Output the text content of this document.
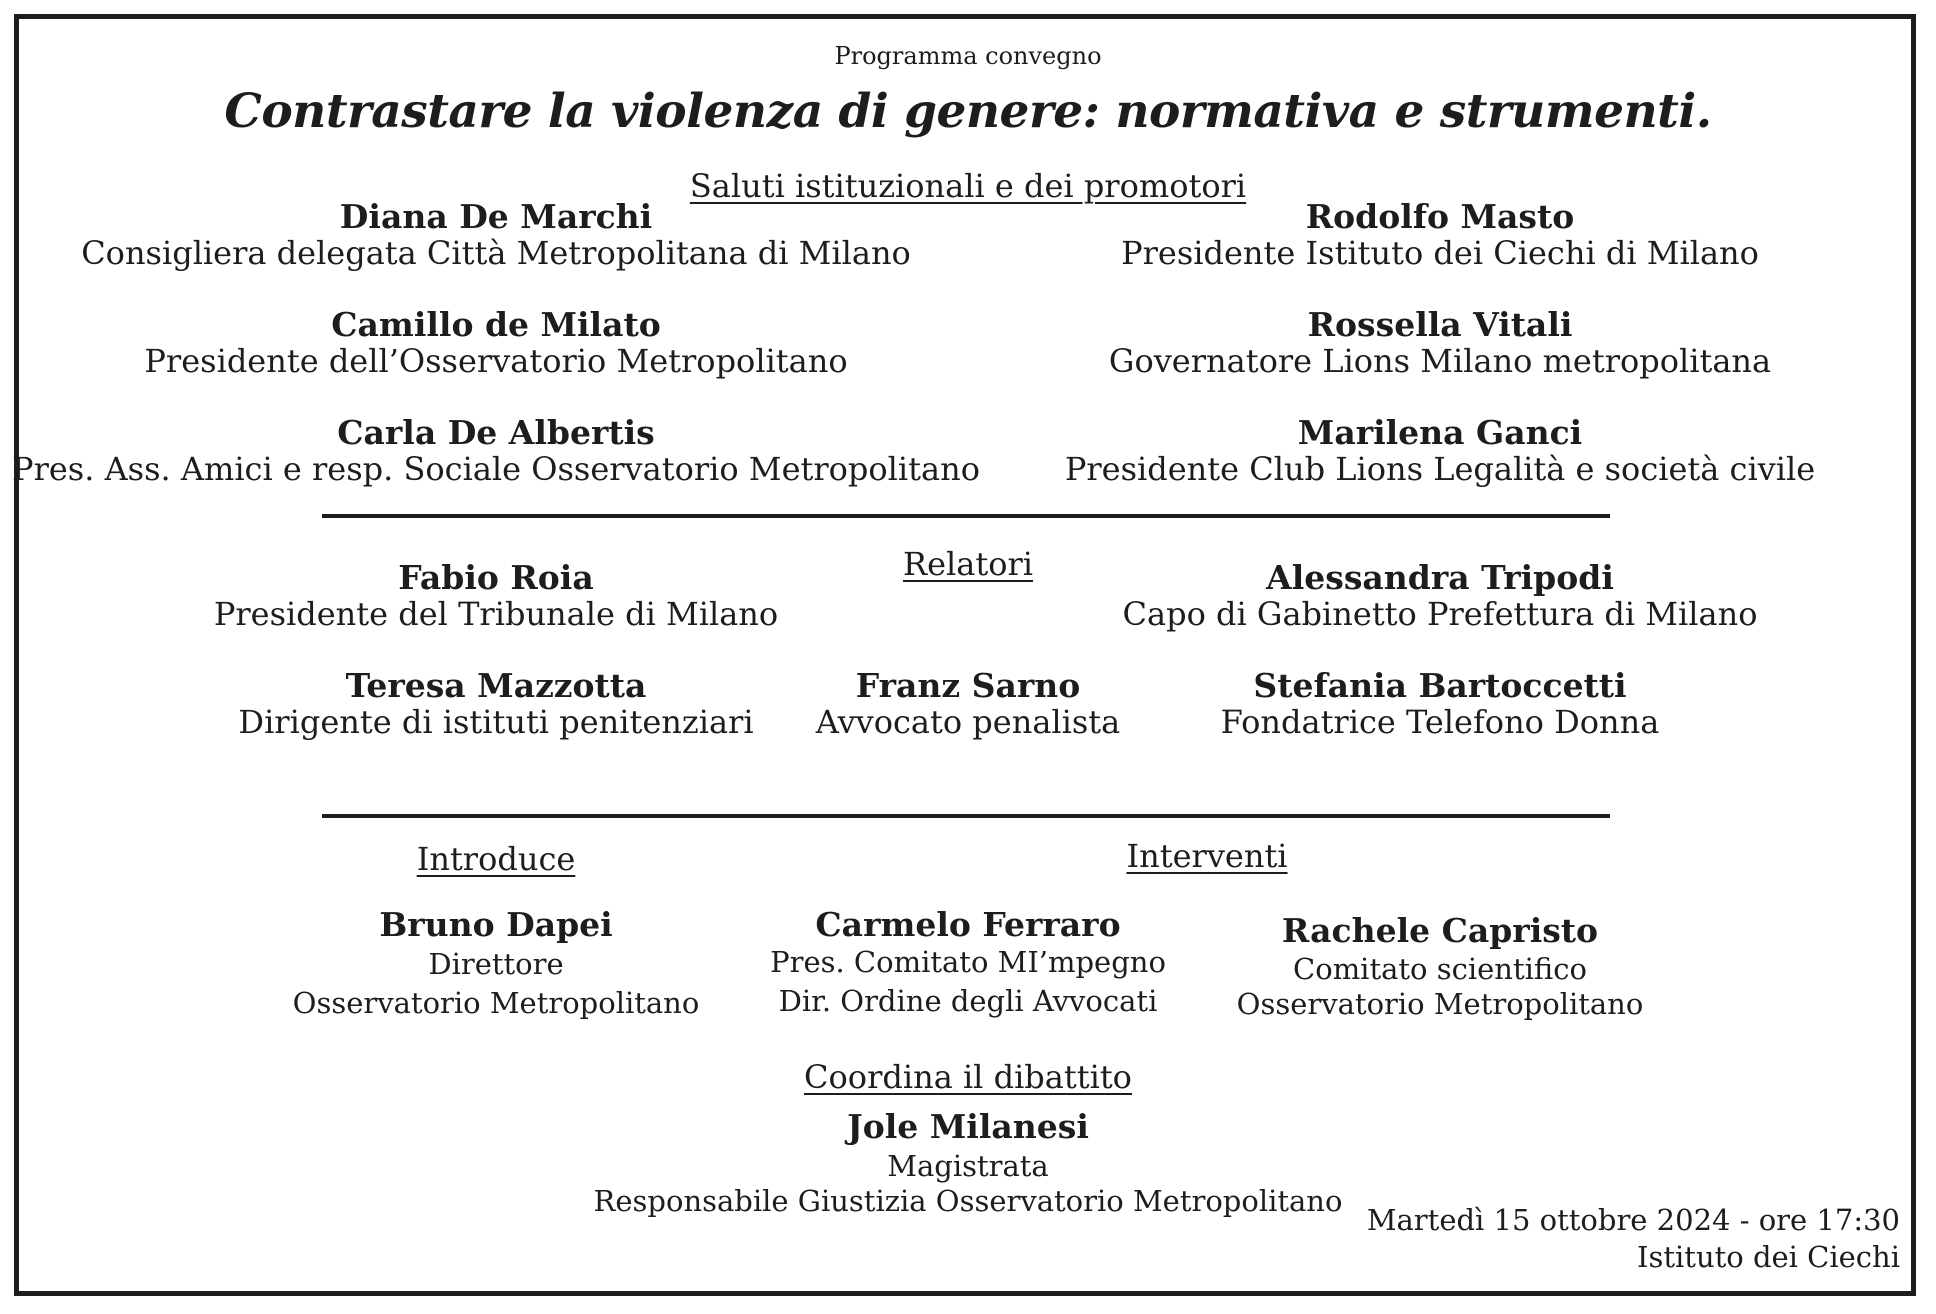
Programma convegno
Contrastare la violenza di genere: normativa e strumenti.
Saluti istituzionali e dei promotori
Diana De Marchi
Consigliera delegata Città Metropolitana di Milano
Rodolfo Masto
Presidente Istituto dei Ciechi di Milano
Camillo de Milato
Presidente dell’Osservatorio Metropolitano
Rossella Vitali
Governatore Lions Milano metropolitana
Carla De Albertis
Pres. Ass. Amici e resp. Sociale Osservatorio Metropolitano
Marilena Ganci
Presidente Club Lions Legalità e società civile
Relatori
Fabio Roia
Presidente del Tribunale di Milano
Alessandra Tripodi
Capo di Gabinetto Prefettura di Milano
Teresa Mazzotta
Dirigente di istituti penitenziari
Franz Sarno
Avvocato penalista
Stefania Bartoccetti
Fondatrice Telefono Donna
Introduce	Interventi
Bruno Dapei
Direttore
Osservatorio Metropolitano
Carmelo Ferraro
Pres. Comitato MI’mpegno
Dir. Ordine degli Avvocati
Rachele Capristo
Comitato scientifico
Osservatorio Metropolitano
Coordina il dibattito
Jole Milanesi
Magistrata
Responsabile Giustizia Osservatorio Metropolitano
Martedì 15 ottobre 2024 - ore 17:30
Istituto dei Ciechi
